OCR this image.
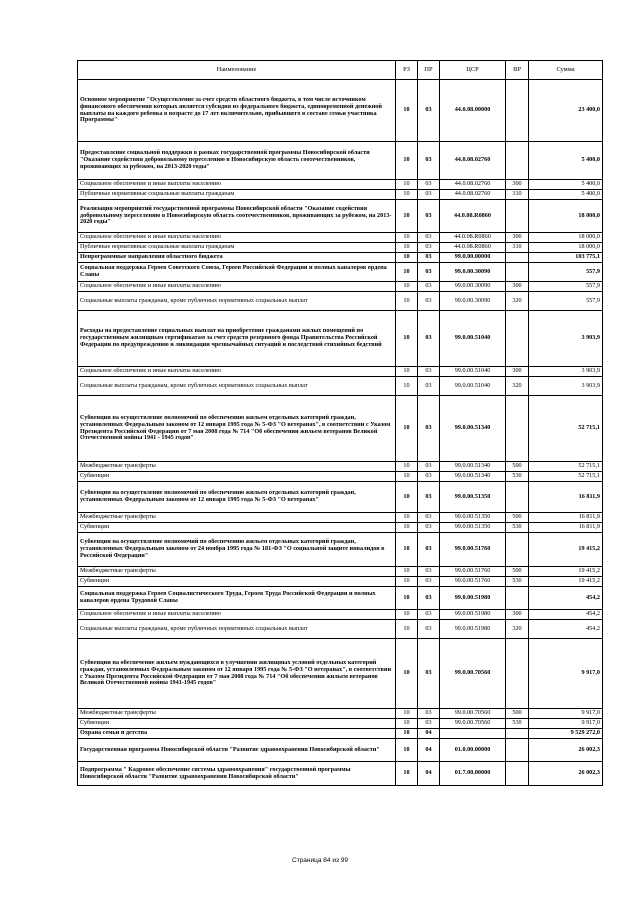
Наименование	РЗ	ПР	ЦСР	ВР	Сумма
Основное мероприятие "Осуществление за счет средств областного бюджета, в том числе источником финансового обеспечения которых является субсидия из федерального бюджета, единовременной денежной выплаты на каждого ребенка в возрасте до 17 лет включительно, прибывшего в составе семьи участника Программы"	10	03	44.0.08.00000		23 400,0
Предоставление социальной поддержки в рамках государственной программы Новосибирской области "Оказание содействия добровольному переселению в Новосибирскую область соотечественников, проживающих за рубежом, на 2013-2020 годы"	10	03	44.0.08.02760		5 400,0
Социальное обеспечение и иные выплаты населению	10	03	44.0.08.02760	300	5 400,0
Публичные нормативные социальные выплаты гражданам	10	03	44.0.08.02760	310	5 400,0
Реализация мероприятий государственной программы Новосибирской области "Оказание содействия добровольному переселению в Новосибирскую область соотечественников, проживающих за рубежом, на 2013-2020 годы"	10	03	44.0.08.R0860		18 000,0
Социальное обеспечение и иные выплаты населению	10	03	44.0.08.R0860	300	18 000,0
Публичные нормативные социальные выплаты гражданам	10	03	44.0.08.R0860	310	18 000,0
Непрограммные направления областного бюджета	10	03	99.0.00.00000		103 775,1
Социальная поддержка Героев Советского Союза, Героев Российской Федерации и полных кавалеров ордена Славы	10	03	99.0.00.30090		557,9
Социальное обеспечение и иные выплаты населению	10	03	99.0.00.30090	300	557,9
Социальные выплаты гражданам, кроме публичных нормативных социальных выплат	10	03	99.0.00.30090	320	557,9
Расходы на предоставление социальных выплат на приобретение гражданами жилых помещений по государственным жилищным сертификатам за счет средств резервного фонда Правительства Российской Федерации по предупреждению и ликвидации чрезвычайных ситуаций и последствий стихийных бедствий	10	03	99.0.00.51040		3 903,9
Социальное обеспечение и иные выплаты населению	10	03	99.0.00.51040	300	3 903,9
Социальные выплаты гражданам, кроме публичных нормативных социальных выплат	10	03	99.0.00.51040	320	3 903,9
Субвенции на осуществление полномочий по обеспечению жильем отдельных категорий граждан, установленных Федеральным законом от 12 января 1995 года № 5-ФЗ "О ветеранах", в соответствии с Указом Президента Российской Федерации от 7 мая 2008 года № 714 "Об обеспечении жильем ветеранов Великой Отечественной войны 1941 - 1945 годов"	10	03	99.0.00.51340		52 715,1
Межбюджетные трансферты	10	03	99.0.00.51340	500	52 715,1
Субвенции	10	03	99.0.00.51340	530	52 715,1
Субвенции на осуществление полномочий по обеспечению жильем отдельных категорий граждан, установленных Федеральным законом от 12 января 1995 года № 5-ФЗ "О ветеранах"	10	03	99.0.00.51350		16 811,9
Межбюджетные трансферты	10	03	99.0.00.51350	500	16 811,9
Субвенции	10	03	99.0.00.51350	530	16 811,9
Субвенции на осуществление полномочий по обеспечению жильем отдельных категорий граждан, установленных Федеральным законом от 24 ноября 1995 года № 181-ФЗ "О социальной защите инвалидов в Российской Федерации"	10	03	99.0.00.51760		19 415,2
Межбюджетные трансферты	10	03	99.0.00.51760	500	19 415,2
Субвенции	10	03	99.0.00.51760	530	19 415,2
Социальная поддержка Героев Социалистического Труда, Героев Труда Российской Федерации и полных кавалеров ордена Трудовой Славы	10	03	99.0.00.51980		454,2
Социальное обеспечение и иные выплаты населению	10	03	99.0.00.51980	300	454,2
Социальные выплаты гражданам, кроме публичных нормативных социальных выплат	10	03	99.0.00.51980	320	454,2
Субвенции на обеспечение жильем нуждающихся в улучшении жилищных условий отдельных категорий граждан, установленных Федеральным законом от 12 января 1995 года № 5-ФЗ "О ветеранах", в соответствии с Указом Президента Российской Федерации от 7 мая 2008 года № 714 "Об обеспечении жильем ветеранов Великой Отечественной войны 1941-1945 годов"	10	03	99.0.00.70560		9 917,0
Межбюджетные трансферты	10	03	99.0.00.70560	500	9 917,0
Субвенции	10	03	99.0.00.70560	530	9 917,0
Охрана семьи и детства	10	04			9 529 272,0
Государственная программа Новосибирской области "Развитие здравоохранения Новосибирской области"	10	04	01.0.00.00000		26 002,3
Подпрограмма " Кадровое обеспечение системы здравоохранения" государственной программы Новосибирской области "Развитие здравоохранения Новосибирской области"	10	04	01.7.00.00000		26 002,3
Страница 84 из 99
